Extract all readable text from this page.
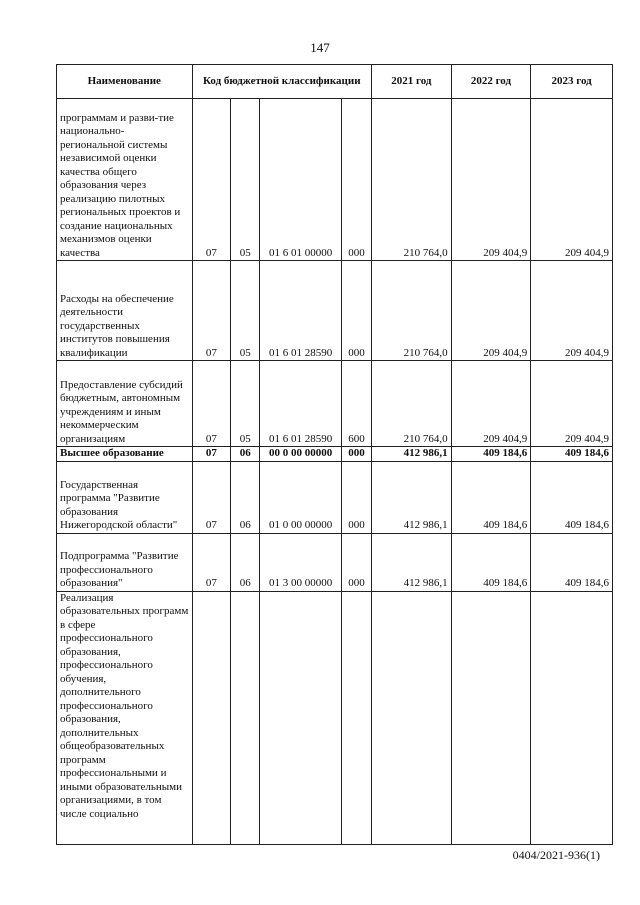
147
Наименование	Код бюджетной классификации				2021 год	2022 год	2023 год
программам и разви-тие национально-региональной системы независимой оценки качества общего образования через реализацию пилотных региональных проектов и создание национальных механизмов оценки качества	07	05	01 6 01 00000	000	210 764,0	209 404,9	209 404,9
Расходы на обеспечение деятельности государственных институтов повышения квалификации	07	05	01 6 01 28590	000	210 764,0	209 404,9	209 404,9
Предоставление субсидий бюджетным, автономным учреждениям и иным некоммерческим организациям	07	05	01 6 01 28590	600	210 764,0	209 404,9	209 404,9
Высшее образование	07	06	00 0 00 00000	000	412 986,1	409 184,6	409 184,6
Государственная программа "Развитие образования Нижегородской области"	07	06	01 0 00 00000	000	412 986,1	409 184,6	409 184,6
Подпрограмма "Развитие профессионального образования"	07	06	01 3 00 00000	000	412 986,1	409 184,6	409 184,6
Реализация образовательных программ в сфере профессионального образования, профессионального обучения, дополнительного профессионального образования, дополнительных общеобразовательных программ профессиональными и иными образовательными организациями, в том числе социально							
0404/2021-936(1)
